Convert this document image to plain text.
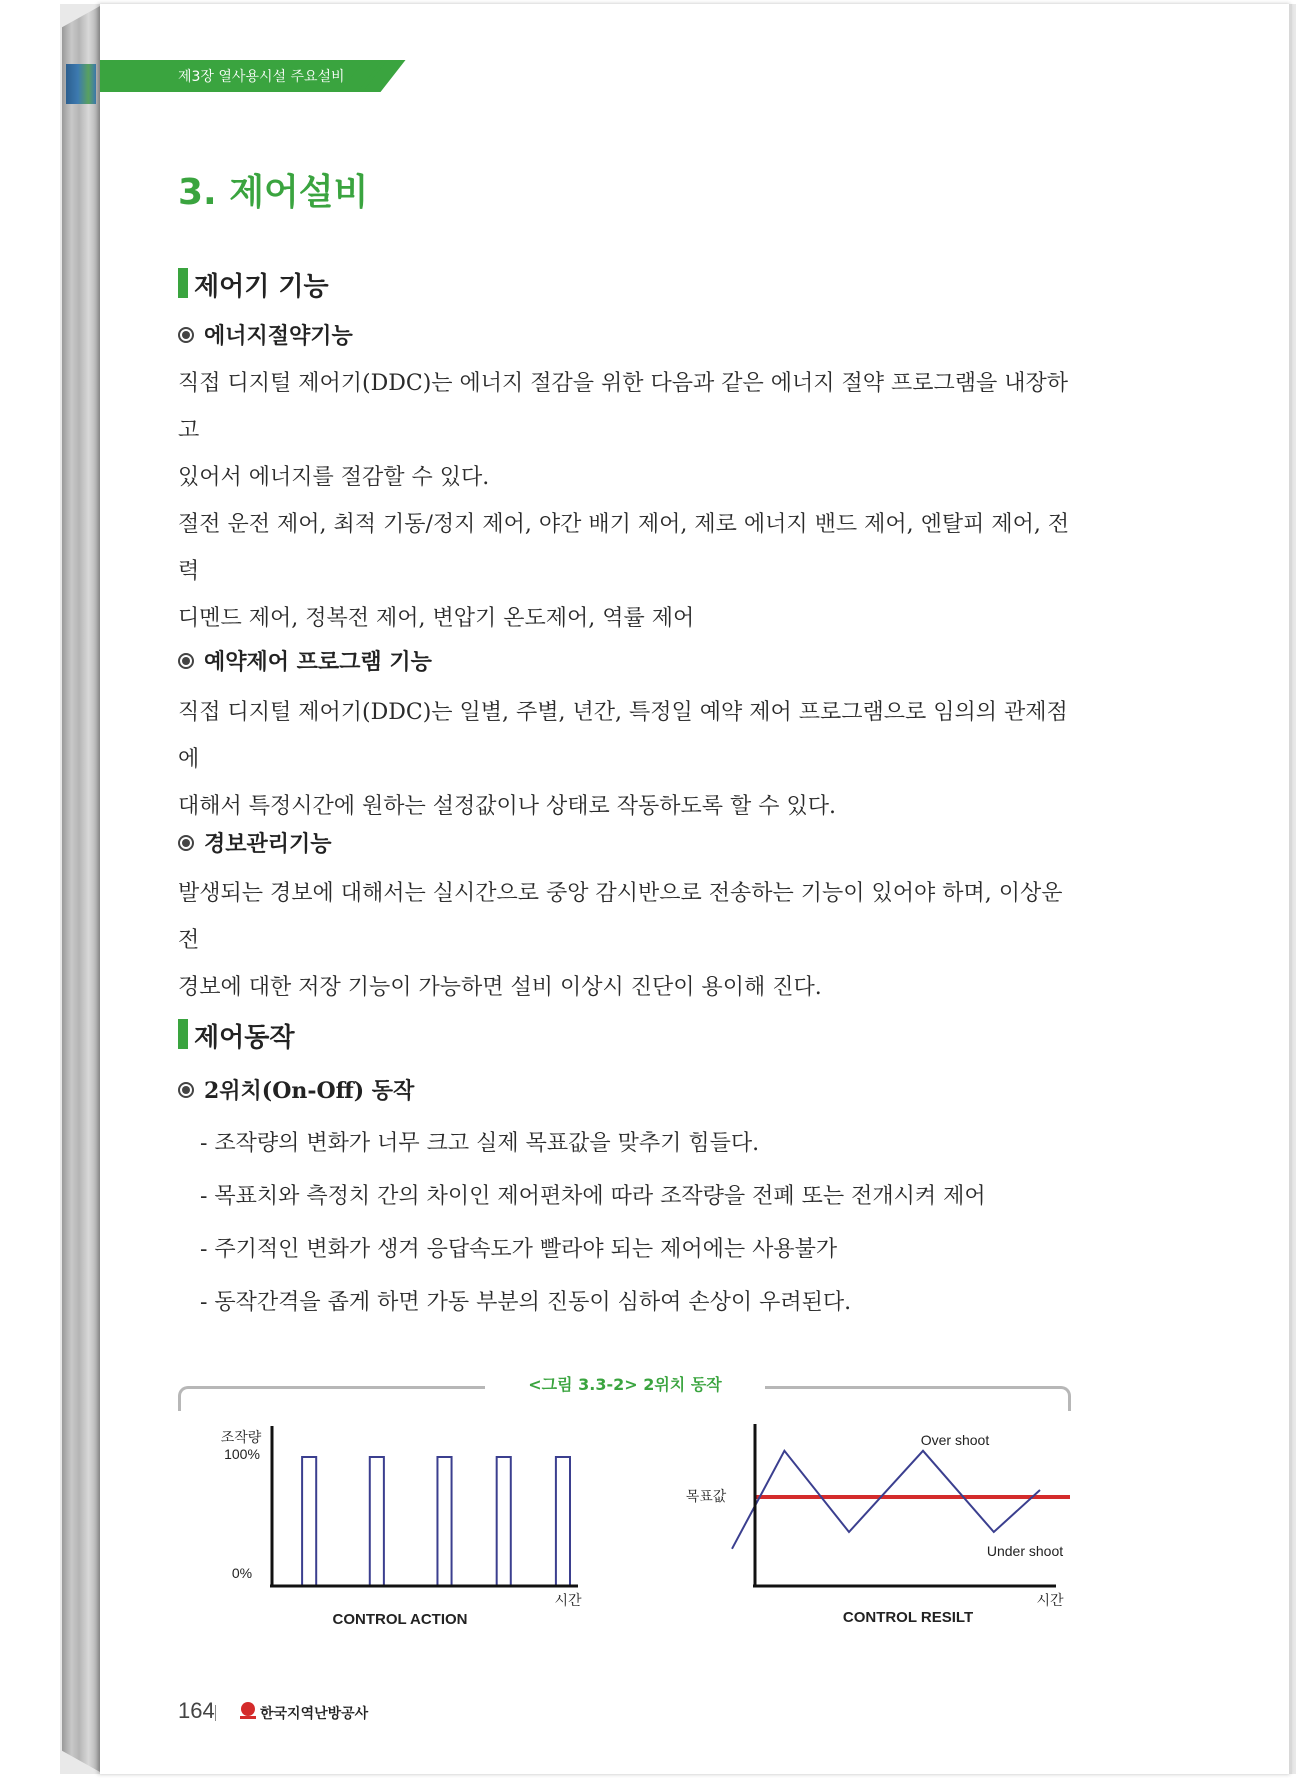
제3장 열사용시설 주요설비
3. 제어설비
제어기 기능
에너지절약기능
직접 디지털 제어기(DDC)는 에너지 절감을 위한 다음과 같은 에너지 절약 프로그램을 내장하고
있어서 에너지를 절감할 수 있다.
절전 운전 제어, 최적 기동/정지 제어, 야간 배기 제어, 제로 에너지 밴드 제어, 엔탈피 제어, 전력
디멘드 제어, 정복전 제어, 변압기 온도제어, 역률 제어
예약제어 프로그램 기능
직접 디지털 제어기(DDC)는 일별, 주별, 년간, 특정일 예약 제어 프로그램으로 임의의 관제점에
대해서 특정시간에 원하는 설정값이나 상태로 작동하도록 할 수 있다.
경보관리기능
발생되는 경보에 대해서는 실시간으로 중앙 감시반으로 전송하는 기능이 있어야 하며, 이상운전
경보에 대한 저장 기능이 가능하면 설비 이상시 진단이 용이해 진다.
제어동작
2위치(On-Off) 동작
- 조작량의 변화가 너무 크고 실제 목표값을 맞추기 힘들다.
- 목표치와 측정치 간의 차이인 제어편차에 따라 조작량을 전폐 또는 전개시켜 제어
- 주기적인 변화가 생겨 응답속도가 빨라야 되는 제어에는 사용불가
- 동작간격을 좁게 하면 가동 부분의 진동이 심하여 손상이 우려된다.
<그림 3.3-2> 2위치 동작
조작량
100%
0%
시간
CONTROL ACTION
목표값
Over shoot
Under shoot
시간
CONTROL RESILT
164	한국지역난방공사
